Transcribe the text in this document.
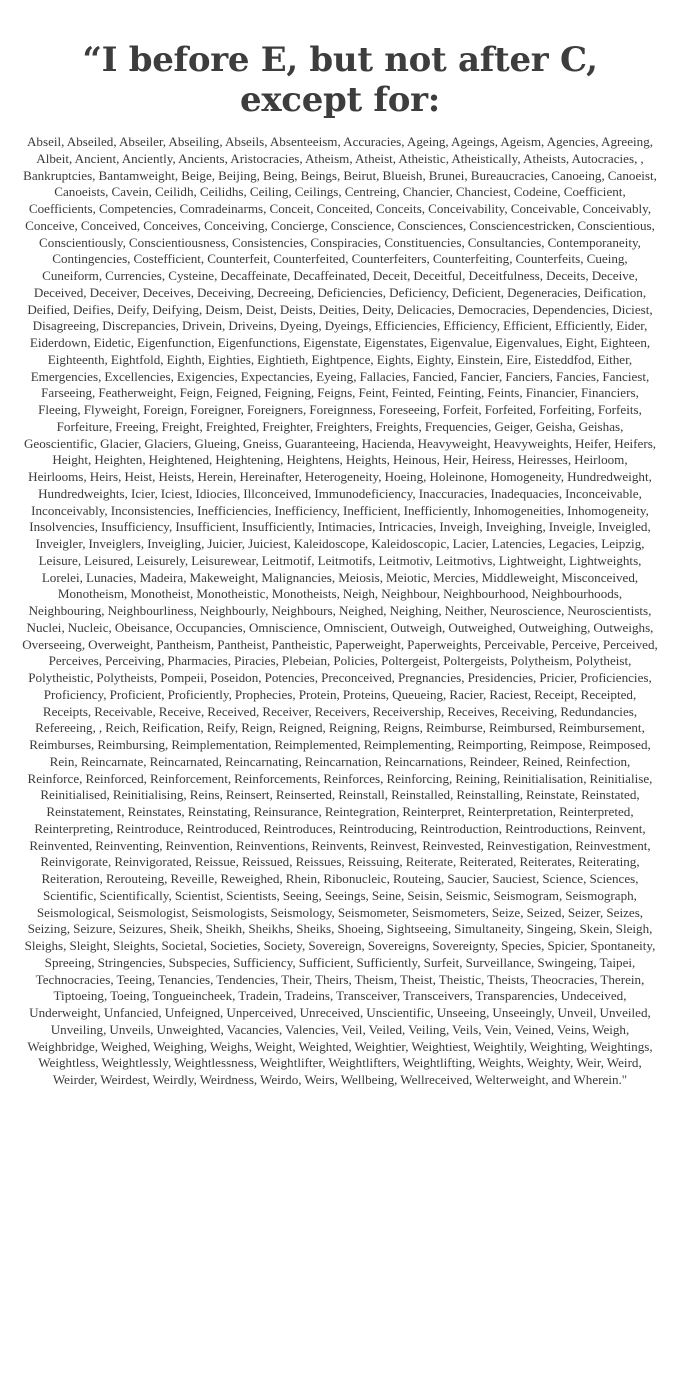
“I before E, but not after C,
except for:

Abseil, Abseiled, Abseiler, Abseiling, Abseils, Absenteeism, Accuracies, Ageing, Ageings, Ageism, Agencies, Agreeing, Albeit, Ancient, Anciently, Ancients, Aristocracies, Atheism, Atheist, Atheistic, Atheistically, Atheists, Autocracies, , Bankruptcies, Bantamweight, Beige, Beijing, Being, Beings, Beirut, Blueish, Brunei, Bureaucracies, Canoeing, Canoeist, Canoeists, Cavein, Ceilidh, Ceilidhs, Ceiling, Ceilings, Centreing, Chancier, Chanciest, Codeine, Coefficient, Coefficients, Competencies, Comradeinarms, Conceit, Conceited, Conceits, Conceivability, Conceivable, Conceivably, Conceive, Conceived, Conceives, Conceiving, Concierge, Conscience, Consciences, Consciencestricken, Conscientious, Conscientiously, Conscientiousness, Consistencies, Conspiracies, Constituencies, Consultancies, Contemporaneity, Contingencies, Costefficient, Counterfeit, Counterfeited, Counterfeiters, Counterfeiting, Counterfeits, Cueing, Cuneiform, Currencies, Cysteine, Decaffeinate, Decaffeinated, Deceit, Deceitful, Deceitfulness, Deceits, Deceive, Deceived, Deceiver, Deceives, Deceiving, Decreeing, Deficiencies, Deficiency, Deficient, Degeneracies, Deification, Deified, Deifies, Deify, Deifying, Deism, Deist, Deists, Deities, Deity, Delicacies, Democracies, Dependencies, Diciest, Disagreeing, Discrepancies, Drivein, Driveins, Dyeing, Dyeings, Efficiencies, Efficiency, Efficient, Efficiently, Eider, Eiderdown, Eidetic, Eigenfunction, Eigenfunctions, Eigenstate, Eigenstates, Eigenvalue, Eigenvalues, Eight, Eighteen, Eighteenth, Eightfold, Eighth, Eighties, Eightieth, Eightpence, Eights, Eighty, Einstein, Eire, Eisteddfod, Either, Emergencies, Excellencies, Exigencies, Expectancies, Eyeing, Fallacies, Fancied, Fancier, Fanciers, Fancies, Fanciest, Farseeing, Featherweight, Feign, Feigned, Feigning, Feigns, Feint, Feinted, Feinting, Feints, Financier, Financiers, Fleeing, Flyweight, Foreign, Foreigner, Foreigners, Foreignness, Foreseeing, Forfeit, Forfeited, Forfeiting, Forfeits, Forfeiture, Freeing, Freight, Freighted, Freighter, Freighters, Freights, Frequencies, Geiger, Geisha, Geishas, Geoscientific, Glacier, Glaciers, Glueing, Gneiss, Guaranteeing, Hacienda, Heavyweight, Heavyweights, Heifer, Heifers, Height, Heighten, Heightened, Heightening, Heightens, Heights, Heinous, Heir, Heiress, Heiresses, Heirloom, Heirlooms, Heirs, Heist, Heists, Herein, Hereinafter, Heterogeneity, Hoeing, Holeinone, Homogeneity, Hundredweight, Hundredweights, Icier, Iciest, Idiocies, Illconceived, Immunodeficiency, Inaccuracies, Inadequacies, Inconceivable, Inconceivably, Inconsistencies, Inefficiencies, Inefficiency, Inefficient, Inefficiently, Inhomogeneities, Inhomogeneity, Insolvencies, Insufficiency, Insufficient, Insufficiently, Intimacies, Intricacies, Inveigh, Inveighing, Inveigle, Inveigled, Inveigler, Inveiglers, Inveigling, Juicier, Juiciest, Kaleidoscope, Kaleidoscopic, Lacier, Latencies, Legacies, Leipzig, Leisure, Leisured, Leisurely, Leisurewear, Leitmotif, Leitmotifs, Leitmotiv, Leitmotivs, Lightweight, Lightweights, Lorelei, Lunacies, Madeira, Makeweight, Malignancies, Meiosis, Meiotic, Mercies, Middleweight, Misconceived, Monotheism, Monotheist, Monotheistic, Monotheists, Neigh, Neighbour, Neighbourhood, Neighbourhoods, Neighbouring, Neighbourliness, Neighbourly, Neighbours, Neighed, Neighing, Neither, Neuroscience, Neuroscientists, Nuclei, Nucleic, Obeisance, Occupancies, Omniscience, Omniscient, Outweigh, Outweighed, Outweighing, Outweighs, Overseeing, Overweight, Pantheism, Pantheist, Pantheistic, Paperweight, Paperweights, Perceivable, Perceive, Perceived, Perceives, Perceiving, Pharmacies, Piracies, Plebeian, Policies, Poltergeist, Poltergeists, Polytheism, Polytheist, Polytheistic, Polytheists, Pompeii, Poseidon, Potencies, Preconceived, Pregnancies, Presidencies, Pricier, Proficiencies, Proficiency, Proficient, Proficiently, Prophecies, Protein, Proteins, Queueing, Racier, Raciest, Receipt, Receipted, Receipts, Receivable, Receive, Received, Receiver, Receivers, Receivership, Receives, Receiving, Redundancies, Refereeing, , Reich, Reification, Reify, Reign, Reigned, Reigning, Reigns, Reimburse, Reimbursed, Reimbursement, Reimburses, Reimbursing, Reimplementation, Reimplemented, Reimplementing, Reimporting, Reimpose, Reimposed, Rein, Reincarnate, Reincarnated, Reincarnating, Reincarnation, Reincarnations, Reindeer, Reined, Reinfection, Reinforce, Reinforced, Reinforcement, Reinforcements, Reinforces, Reinforcing, Reining, Reinitialisation, Reinitialise, Reinitialised, Reinitialising, Reins, Reinsert, Reinserted, Reinstall, Reinstalled, Reinstalling, Reinstate, Reinstated, Reinstatement, Reinstates, Reinstating, Reinsurance, Reintegration, Reinterpret, Reinterpretation, Reinterpreted, Reinterpreting, Reintroduce, Reintroduced, Reintroduces, Reintroducing, Reintroduction, Reintroductions, Reinvent, Reinvented, Reinventing, Reinvention, Reinventions, Reinvents, Reinvest, Reinvested, Reinvestigation, Reinvestment, Reinvigorate, Reinvigorated, Reissue, Reissued, Reissues, Reissuing, Reiterate, Reiterated, Reiterates, Reiterating, Reiteration, Rerouteing, Reveille, Reweighed, Rhein, Ribonucleic, Routeing, Saucier, Sauciest, Science, Sciences, Scientific, Scientifically, Scientist, Scientists, Seeing, Seeings, Seine, Seisin, Seismic, Seismogram, Seismograph, Seismological, Seismologist, Seismologists, Seismology, Seismometer, Seismometers, Seize, Seized, Seizer, Seizes, Seizing, Seizure, Seizures, Sheik, Sheikh, Sheikhs, Sheiks, Shoeing, Sightseeing, Simultaneity, Singeing, Skein, Sleigh, Sleighs, Sleight, Sleights, Societal, Societies, Society, Sovereign, Sovereigns, Sovereignty, Species, Spicier, Spontaneity, Spreeing, Stringencies, Subspecies, Sufficiency, Sufficient, Sufficiently, Surfeit, Surveillance, Swingeing, Taipei, Technocracies, Teeing, Tenancies, Tendencies, Their, Theirs, Theism, Theist, Theistic, Theists, Theocracies, Therein, Tiptoeing, Toeing, Tongueincheek, Tradein, Tradeins, Transceiver, Transceivers, Transparencies, Undeceived, Underweight, Unfancied, Unfeigned, Unperceived, Unreceived, Unscientific, Unseeing, Unseeingly, Unveil, Unveiled, Unveiling, Unveils, Unweighted, Vacancies, Valencies, Veil, Veiled, Veiling, Veils, Vein, Veined, Veins, Weigh, Weighbridge, Weighed, Weighing, Weighs, Weight, Weighted, Weightier, Weightiest, Weightily, Weighting, Weightings, Weightless, Weightlessly, Weightlessness, Weightlifter, Weightlifters, Weightlifting, Weights, Weighty, Weir, Weird, Weirder, Weirdest, Weirdly, Weirdness, Weirdo, Weirs, Wellbeing, Wellreceived, Welterweight, and Wherein."
